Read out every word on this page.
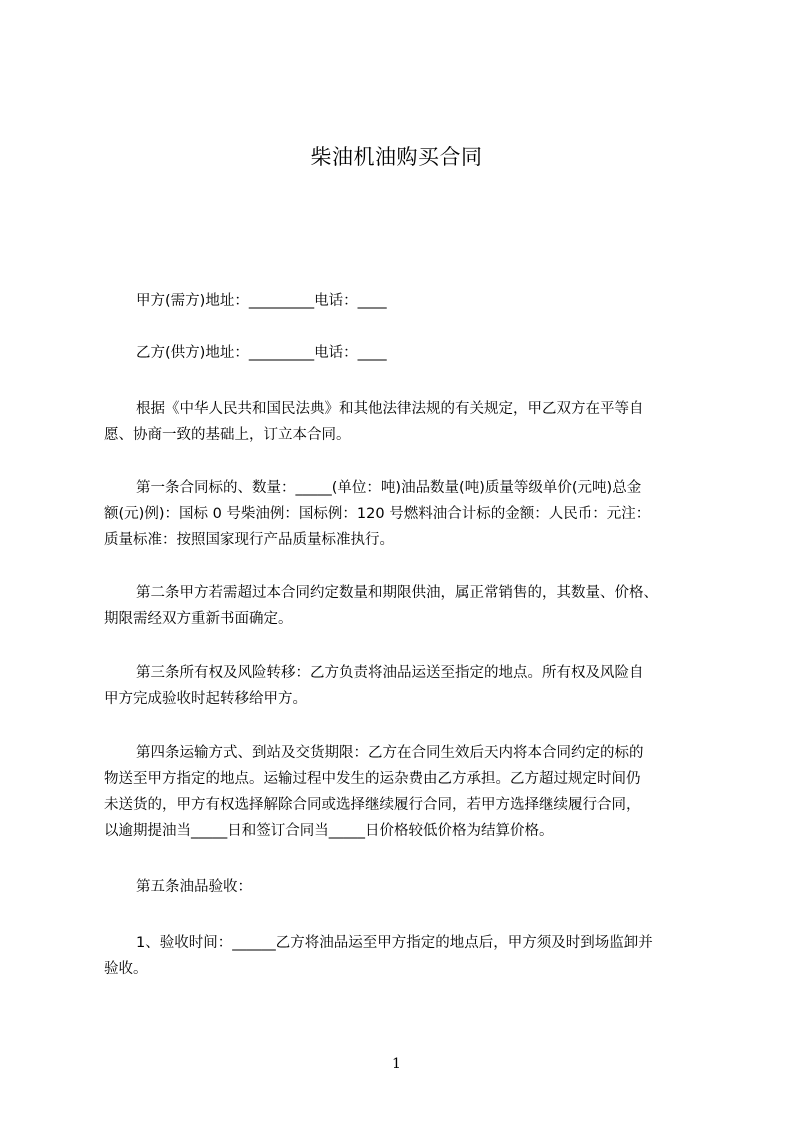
柴油机油购买合同
甲方(需方)地址：_________电话：____
乙方(供方)地址：_________电话：____
根据《中华人民共和国民法典》和其他法律法规的有关规定，甲乙双方在平等自
愿、协商一致的基础上，订立本合同。
第一条合同标的、数量：_____(单位：吨)油品数量(吨)质量等级单价(元吨)总金
额(元)例)：国标 0 号柴油例：国标例：120 号燃料油合计标的金额：人民币：元注：
质量标准：按照国家现行产品质量标准执行。
第二条甲方若需超过本合同约定数量和期限供油，属正常销售的，其数量、价格、
期限需经双方重新书面确定。
第三条所有权及风险转移：乙方负责将油品运送至指定的地点。所有权及风险自
甲方完成验收时起转移给甲方。
第四条运输方式、到站及交货期限：乙方在合同生效后天内将本合同约定的标的
物送至甲方指定的地点。运输过程中发生的运杂费由乙方承担。乙方超过规定时间仍
未送货的，甲方有权选择解除合同或选择继续履行合同，若甲方选择继续履行合同，
以逾期提油当_____日和签订合同当_____日价格较低价格为结算价格。
第五条油品验收：
1、验收时间：______乙方将油品运至甲方指定的地点后，甲方须及时到场监卸并
验收。
1
